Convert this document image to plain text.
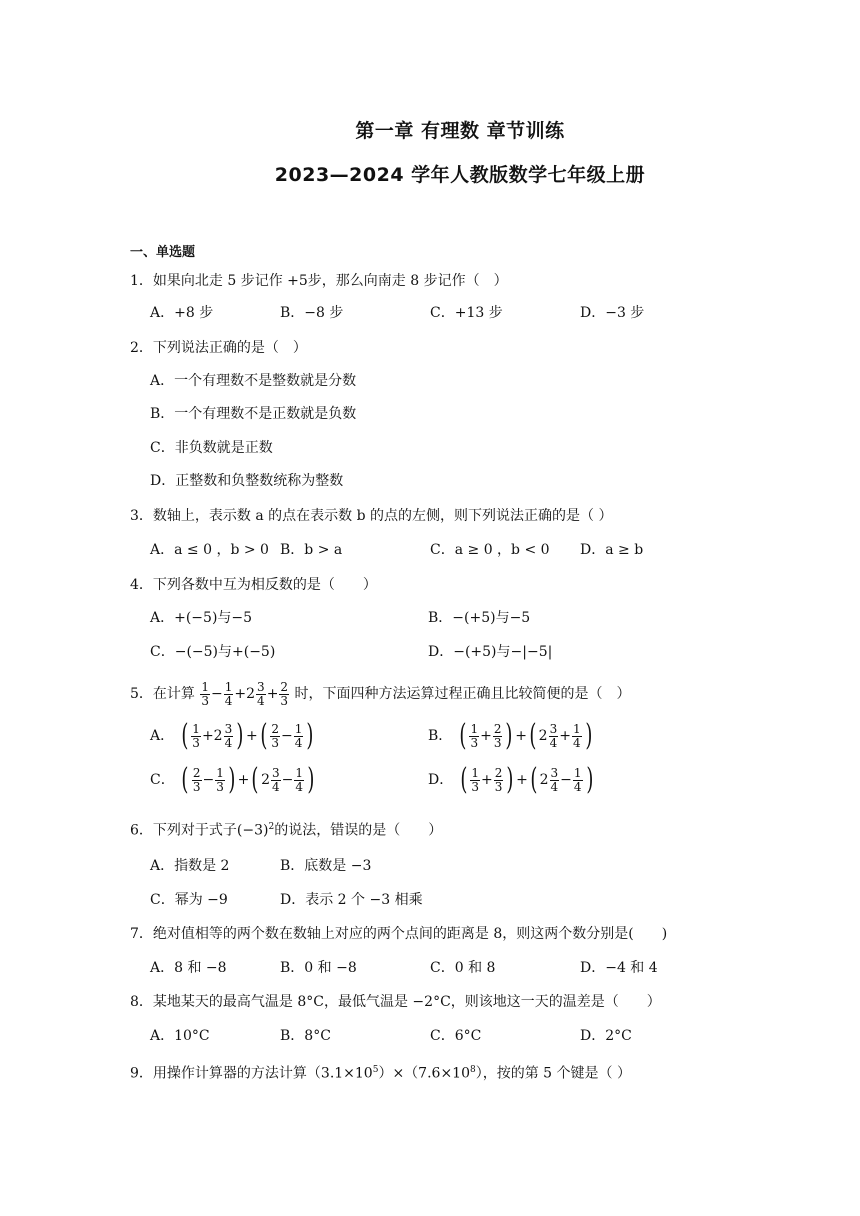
第一章 有理数 章节训练
2023—2024 学年人教版数学七年级上册
一、单选题
1．如果向北走 5 步记作 +5步，那么向南走 8 步记作（　）
A．+8 步	B．−8 步	C．+13 步	D．−3 步
2．下列说法正确的是（　）
A．一个有理数不是整数就是分数
B．一个有理数不是正数就是负数
C．非负数就是正数
D．正整数和负整数统称为整数
3．数轴上，表示数 a 的点在表示数 b 的点的左侧，则下列说法正确的是（ ）
A．a ≤ 0 ，b > 0 B．b > a	C．a ≥ 0 ，b < 0 D．a ≥ b
4．下列各数中互为相反数的是（　　）
A．+(−5)与−5	B．−(+5)与−5
C．−(−5)与+(−5)	D．−(+5)与−|−5|
5．在计算 $\frac{1}{3} - \frac{1}{4} + 2 \frac{3}{4} + \frac{2}{3}$ 时，下面四种方法运算过程正确且比较简便的是（　）
A． ( $\frac{1}{3} + 2 \frac{3}{4}$ ) + ( $\frac{2}{3} - \frac{1}{4}$ )	B． ( $\frac{1}{3} + \frac{2}{3}$ ) + ( $2 \frac{3}{4} + \frac{1}{4}$ )
C． ( $\frac{2}{3} - \frac{1}{3}$ ) + ( $2 \frac{3}{4} - \frac{1}{4}$ )	D． ( $\frac{1}{3} + \frac{2}{3}$ ) + ( $2 \frac{3}{4} - \frac{1}{4}$ )
6．下列对于式子$(-3)^2$的说法，错误的是（　　）
A．指数是 2	B．底数是 −3
C．幂为 −9	D．表示 2 个 −3 相乘
7．绝对值相等的两个数在数轴上对应的两个点间的距离是 8，则这两个数分别是(　　)
A．8 和 −8	B．0 和 −8	C．0 和 8	D．−4 和 4
8．某地某天的最高气温是 8°C，最低气温是 −2°C，则该地这一天的温差是（　　）
A．10°C	B．8°C	C．6°C	D．2°C
9．用操作计算器的方法计算$(3.1\times 10^5)\times(7.6\times 10^8)$，按的第 5 个键是（ ）
